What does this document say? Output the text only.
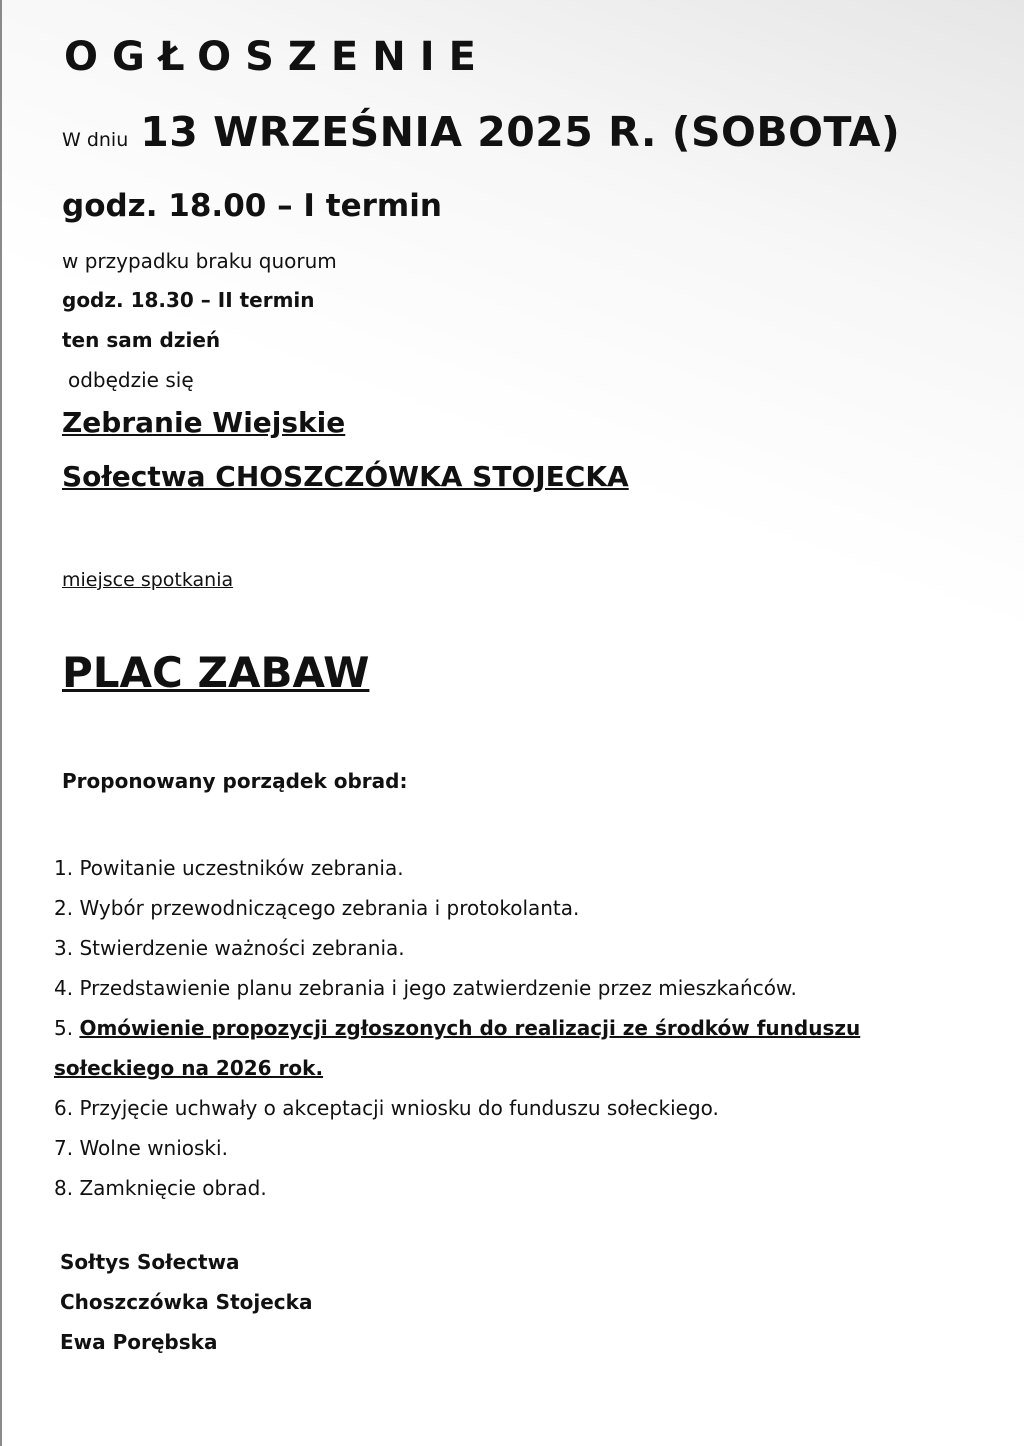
OGŁOSZENIE
W dniu 13 WRZEŚNIA 2025 R. (SOBOTA)
godz. 18.00 – I termin
w przypadku braku quorum
godz. 18.30 – II termin
ten sam dzień
odbędzie się
Zebranie Wiejskie
Sołectwa CHOSZCZÓWKA STOJECKA
miejsce spotkania
PLAC ZABAW
Proponowany porządek obrad:
1. Powitanie uczestników zebrania.
2. Wybór przewodniczącego zebrania i protokolanta.
3. Stwierdzenie ważności zebrania.
4. Przedstawienie planu zebrania i jego zatwierdzenie przez mieszkańców.
5. Omówienie propozycji zgłoszonych do realizacji ze środków funduszu sołeckiego na 2026 rok.
6. Przyjęcie uchwały o akceptacji wniosku do funduszu sołeckiego.
7. Wolne wnioski.
8. Zamknięcie obrad.
Sołtys Sołectwa
Choszczówka Stojecka
Ewa Porębska
